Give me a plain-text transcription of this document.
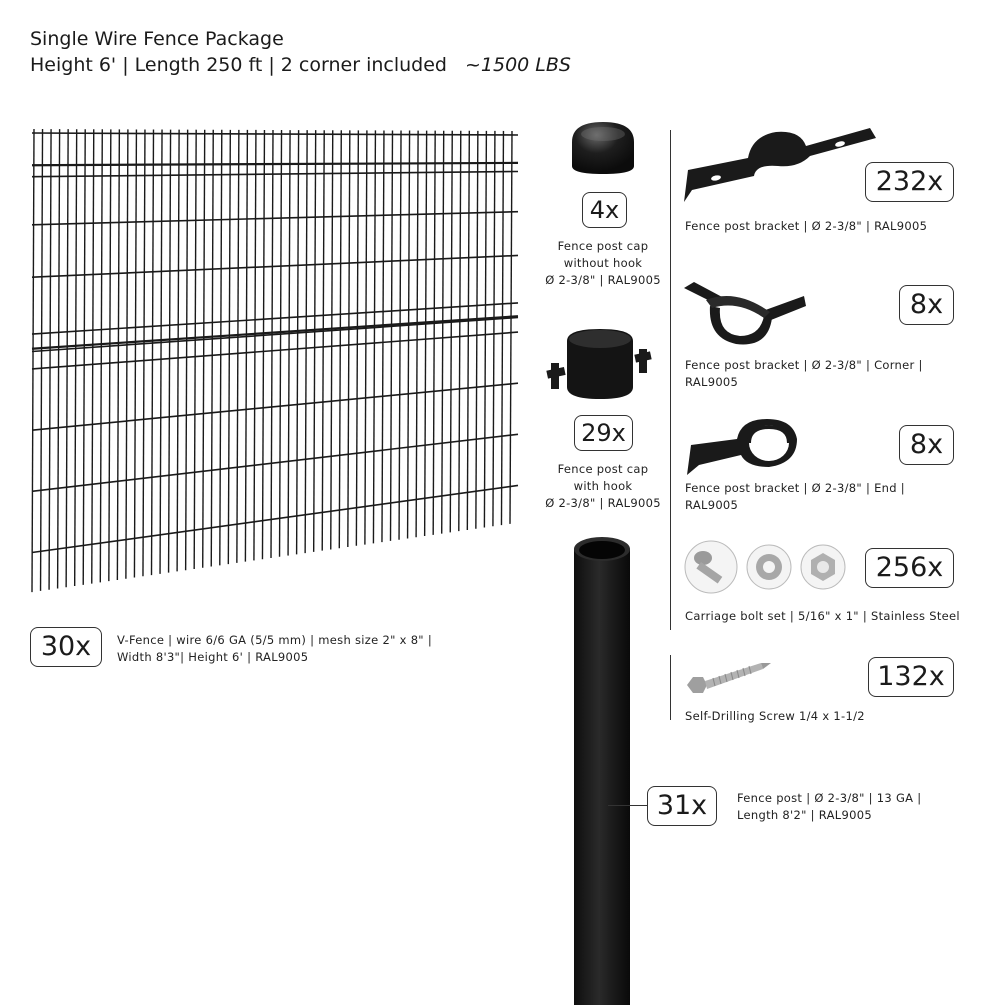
Single Wire Fence Package
Height 6' | Length 250 ft | 2 corner included ~1500 LBS
30x	V-Fence | wire 6/6 GA (5/5 mm) | mesh size 2" x 8" |
Width 8'3"| Height 6' | RAL9005
4x
Fence post cap
without hook
Ø 2-3/8" | RAL9005
29x
Fence post cap
with hook
Ø 2-3/8" | RAL9005
232x
Fence post bracket | Ø 2-3/8" | RAL9005
8x
Fence post bracket | Ø 2-3/8" | Corner |
RAL9005
8x
Fence post bracket | Ø 2-3/8" | End |
RAL9005
256x
Carriage bolt set | 5/16" x 1" | Stainless Steel
132x
Self-Drilling Screw 1/4 x 1-1/2
31x	Fence post | Ø 2-3/8" | 13 GA |
Length 8'2" | RAL9005
